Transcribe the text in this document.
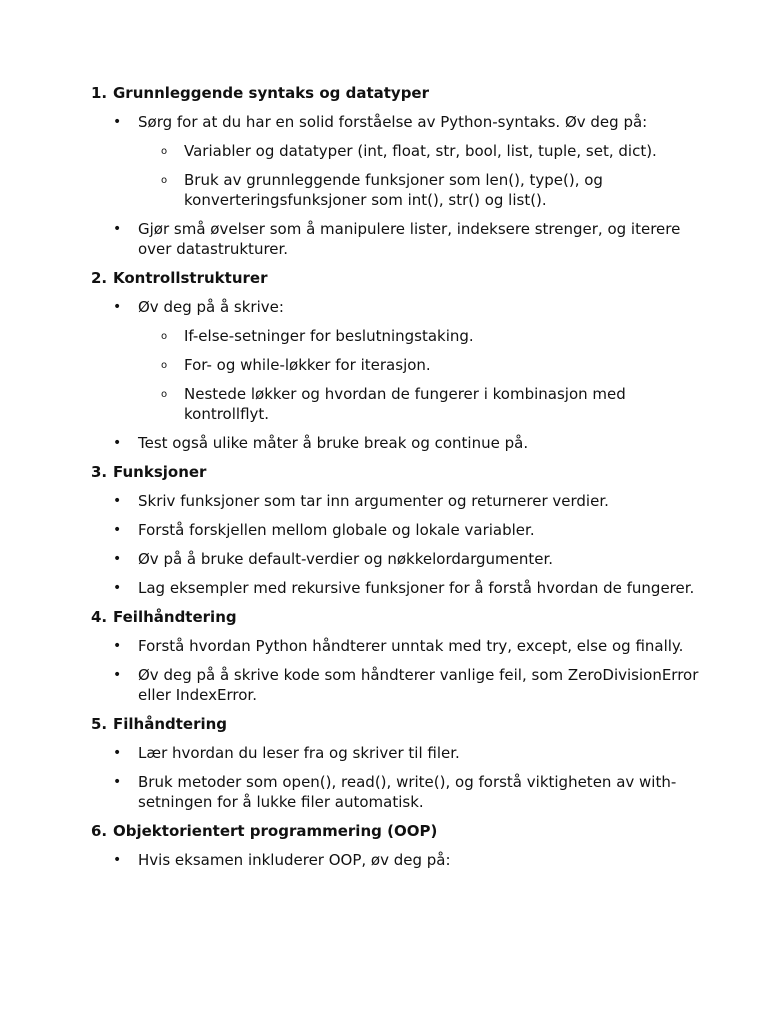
1. Grunnleggende syntaks og datatyper
• Sørg for at du har en solid forståelse av Python-syntaks. Øv deg på:
o Variabler og datatyper (int, float, str, bool, list, tuple, set, dict).
o Bruk av grunnleggende funksjoner som len(), type(), og konverteringsfunksjoner som int(), str() og list().
• Gjør små øvelser som å manipulere lister, indeksere strenger, og iterere over datastrukturer.
2. Kontrollstrukturer
• Øv deg på å skrive:
o If-else-setninger for beslutningstaking.
o For- og while-løkker for iterasjon.
o Nestede løkker og hvordan de fungerer i kombinasjon med kontrollflyt.
• Test også ulike måter å bruke break og continue på.
3. Funksjoner
• Skriv funksjoner som tar inn argumenter og returnerer verdier.
• Forstå forskjellen mellom globale og lokale variabler.
• Øv på å bruke default-verdier og nøkkelordargumenter.
• Lag eksempler med rekursive funksjoner for å forstå hvordan de fungerer.
4. Feilhåndtering
• Forstå hvordan Python håndterer unntak med try, except, else og finally.
• Øv deg på å skrive kode som håndterer vanlige feil, som ZeroDivisionError eller IndexError.
5. Filhåndtering
• Lær hvordan du leser fra og skriver til filer.
• Bruk metoder som open(), read(), write(), og forstå viktigheten av with-setningen for å lukke filer automatisk.
6. Objektorientert programmering (OOP)
• Hvis eksamen inkluderer OOP, øv deg på:
